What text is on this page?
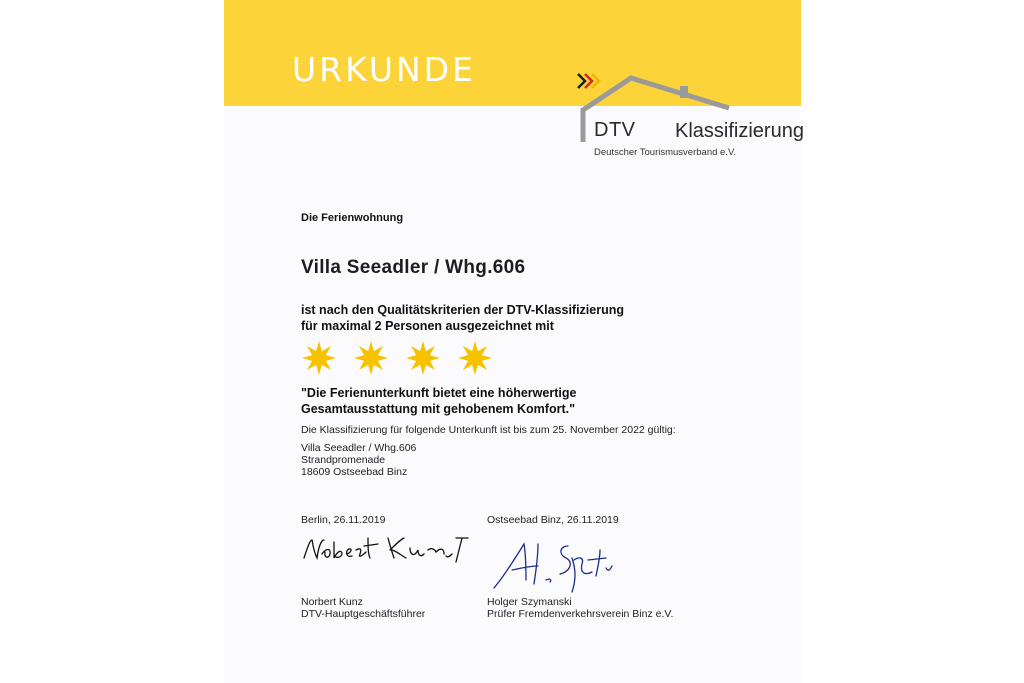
URKUNDE
DTV Klassifizierung
Deutscher Tourismusverband e.V.
Die Ferienwohnung
Villa Seeadler / Whg.606
ist nach den Qualitätskriterien der DTV-Klassifizierung
für maximal 2 Personen ausgezeichnet mit
"Die Ferienunterkunft bietet eine höherwertige
Gesamtausstattung mit gehobenem Komfort."
Die Klassifizierung für folgende Unterkunft ist bis zum 25. November 2022 gültig:
Villa Seeadler / Whg.606
Strandpromenade
18609 Ostseebad Binz
Berlin, 26.11.2019	Ostseebad Binz, 26.11.2019
Norbert Kunz
DTV-Hauptgeschäftsführer
Holger Szymanski
Prüfer Fremdenverkehrsverein Binz e.V.
